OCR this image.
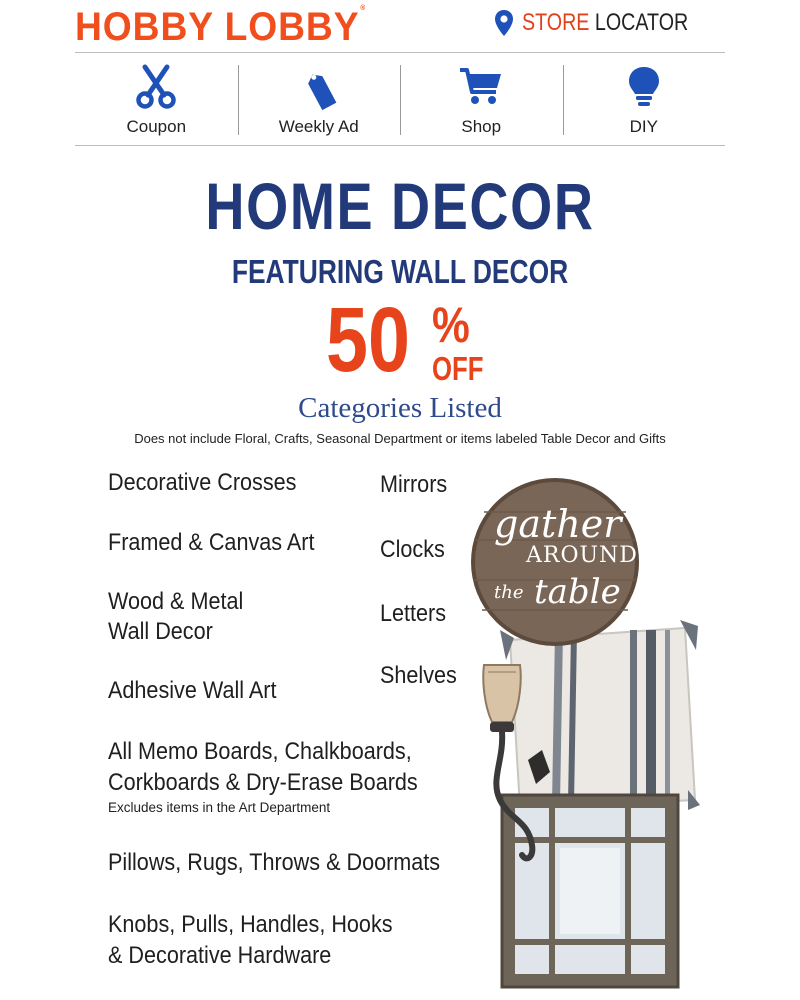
HOBBY LOBBY®
STORE LOCATOR
Coupon	Weekly Ad	Shop	DIY
HOME DECOR
FEATURING WALL DECOR
50 %
OFF
Categories Listed
Does not include Floral, Crafts, Seasonal Department or items labeled Table Decor and Gifts
Decorative Crosses
Framed & Canvas Art
Wood & Metal
Wall Decor
Adhesive Wall Art
All Memo Boards, Chalkboards,
Corkboards & Dry-Erase Boards
Excludes items in the Art Department
Pillows, Rugs, Throws & Doormats
Knobs, Pulls, Handles, Hooks
& Decorative Hardware
Mirrors
Clocks
Letters
Shelves
gather
AROUND
the table
